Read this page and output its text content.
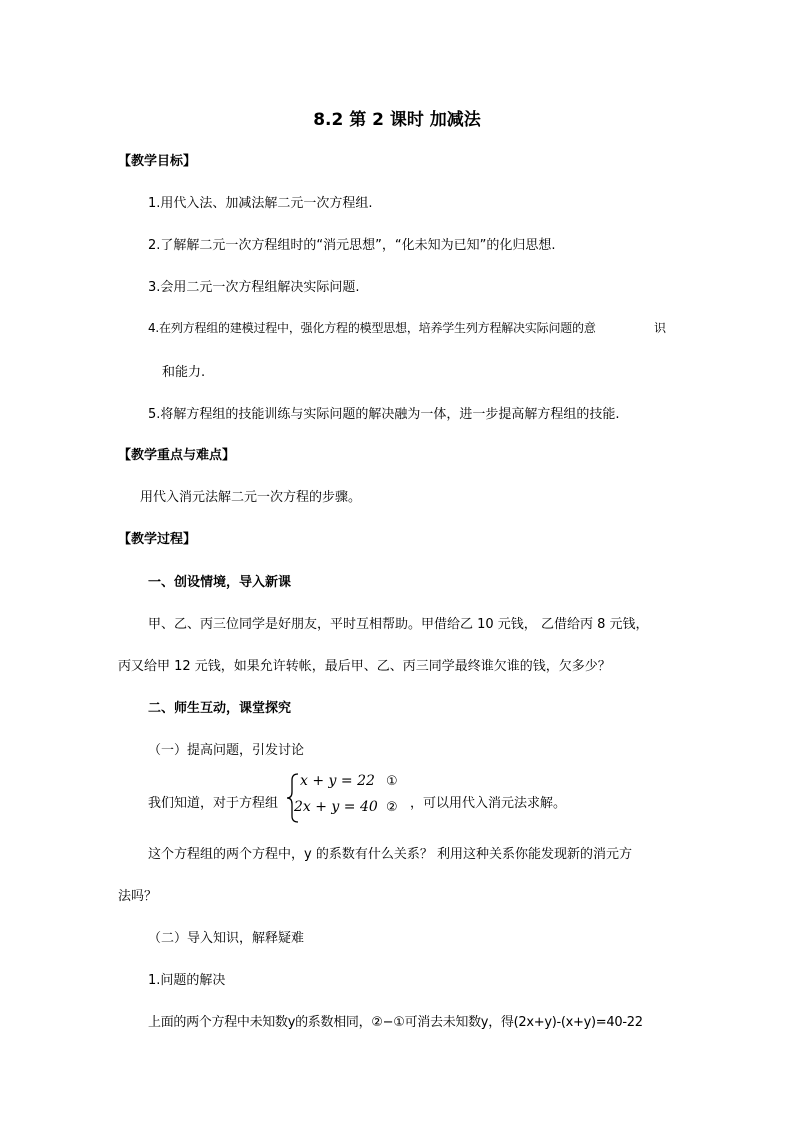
8.2 第 2 课时 加减法
【教学目标】
1.用代入法、加减法解二元一次方程组.
2.了解解二元一次方程组时的“消元思想”，“化未知为已知”的化归思想.
3.会用二元一次方程组解决实际问题.
4.在列方程组的建模过程中，强化方程的模型思想，培养学生列方程解决实际问题的意	识
和能力.
5.将解方程组的技能训练与实际问题的解决融为一体，进一步提高解方程组的技能.
【教学重点与难点】
用代入消元法解二元一次方程的步骤。
【教学过程】
一、创设情境，导入新课
甲、乙、丙三位同学是好朋友，平时互相帮助。甲借给乙 10 元钱， 乙借给丙 8 元钱，
丙又给甲 12 元钱，如果允许转帐，最后甲、乙、丙三同学最终谁欠谁的钱，欠多少？
二、师生互动，课堂探究
（一）提高问题，引发讨论
我们知道，对于方程组
x + y = 22
2x + y = 40
①
② ，可以用代入消元法求解。
这个方程组的两个方程中，y 的系数有什么关系？ 利用这种关系你能发现新的消元方
法吗？
（二）导入知识，解释疑难
1.问题的解决
上面的两个方程中未知数y的系数相同，②−①可消去未知数y，得(2x+y)-(x+y)=40-22
